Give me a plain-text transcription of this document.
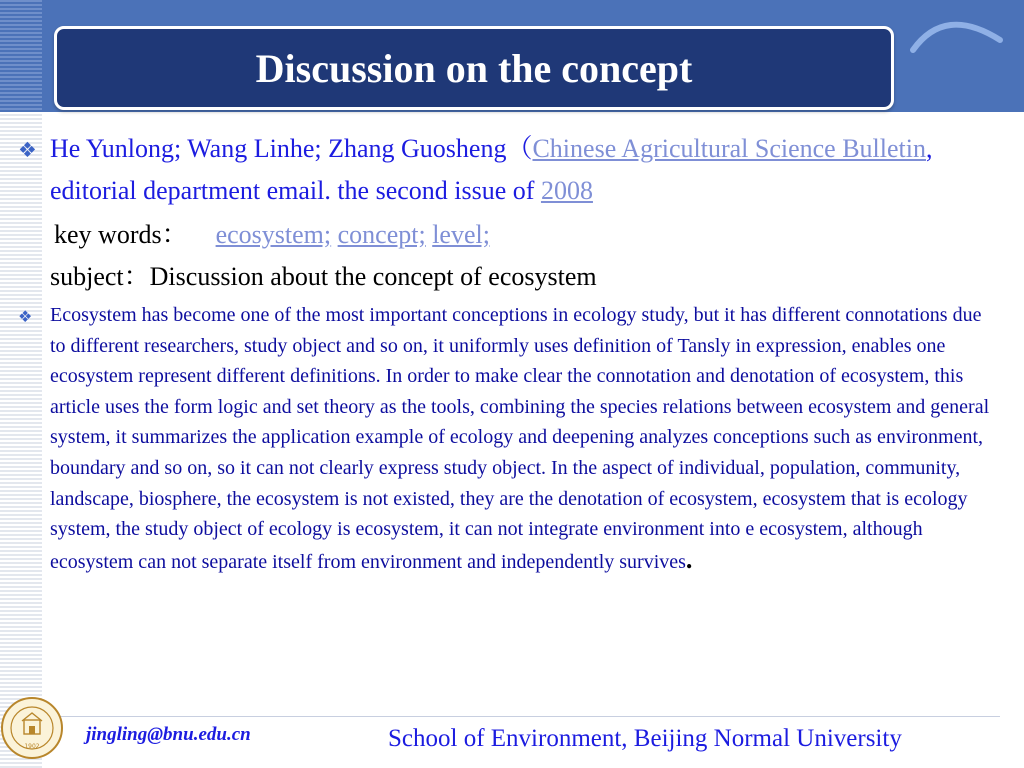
Discussion on the concept
❖ He Yunlong; Wang Linhe; Zhang Guosheng（Chinese Agricultural Science Bulletin, editorial department email. the second issue of 2008
key words： ecosystem; concept; level;
subject：Discussion about the concept of ecosystem
❖ Ecosystem has become one of the most important conceptions in ecology study, but it has different connotations due to different researchers, study object and so on, it uniformly uses definition of Tansly in expression, enables one ecosystem represent different definitions. In order to make clear the connotation and denotation of ecosystem, this article uses the form logic and set theory as the tools, combining the species relations between ecosystem and general system, it summarizes the application example of ecology and deepening analyzes conceptions such as environment, boundary and so on, so it can not clearly express study object. In the aspect of individual, population, community, landscape, biosphere, the ecosystem is not existed, they are the denotation of ecosystem, ecosystem that is ecology system, the study object of ecology is ecosystem, it can not integrate environment into e ecosystem, although ecosystem can not separate itself from environment and independently survives.
1902
jingling@bnu.edu.cn	School of Environment, Beijing Normal University
